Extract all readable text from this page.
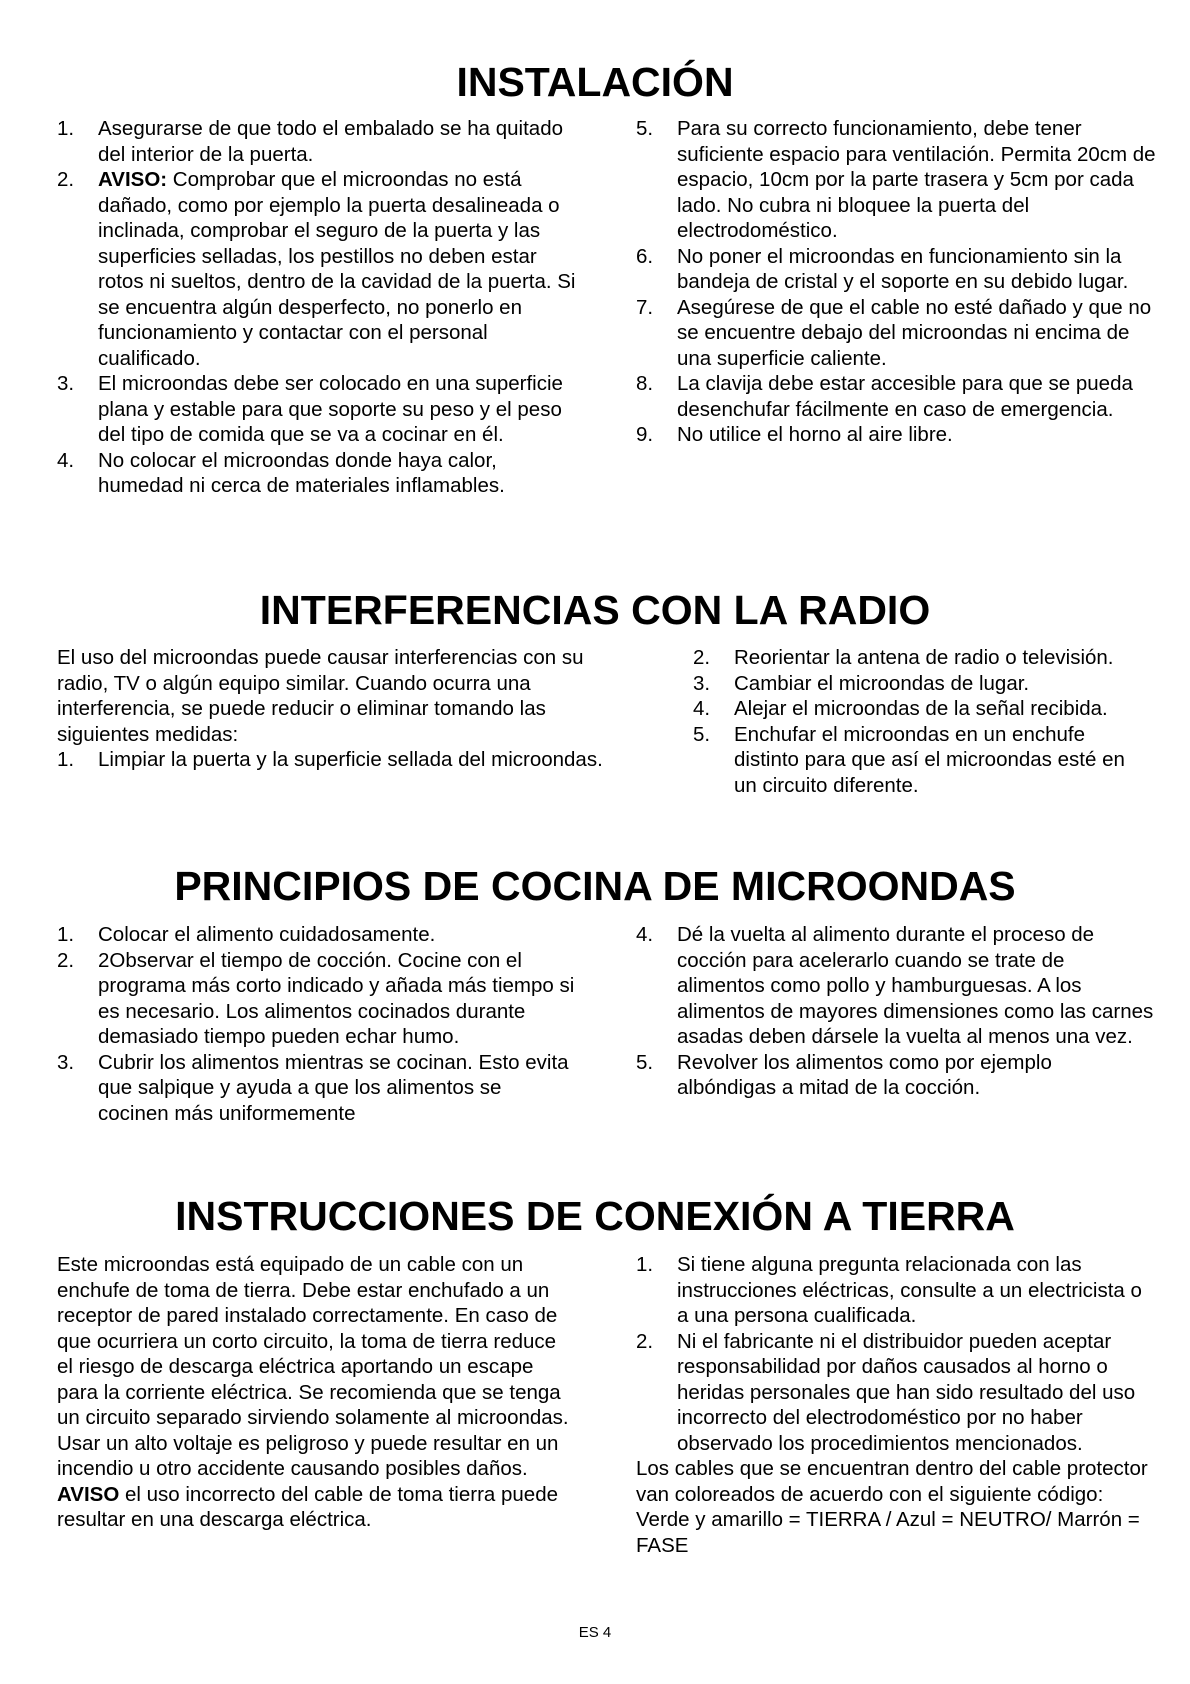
INSTALACIÓN
1. Asegurarse de que todo el embalado se ha quitado del interior de la puerta.
2. AVISO: Comprobar que el microondas no está dañado, como por ejemplo la puerta desalineada o inclinada, comprobar el seguro de la puerta y las superficies selladas, los pestillos no deben estar rotos ni sueltos, dentro de la cavidad de la puerta. Si se encuentra algún desperfecto, no ponerlo en funcionamiento y contactar con el personal cualificado.
3. El microondas debe ser colocado en una superficie plana y estable para que soporte su peso y el peso del tipo de comida que se va a cocinar en él.
4. No colocar el microondas donde haya calor, humedad ni cerca de materiales inflamables.
5. Para su correcto funcionamiento, debe tener suficiente espacio para ventilación. Permita 20cm de espacio, 10cm por la parte trasera y 5cm por cada lado. No cubra ni bloquee la puerta del electrodoméstico.
6. No poner el microondas en funcionamiento sin la bandeja de cristal y el soporte en su debido lugar.
7. Asegúrese de que el cable no esté dañado y que no se encuentre debajo del microondas ni encima de una superficie caliente.
8. La clavija debe estar accesible para que se pueda desenchufar fácilmente en caso de emergencia.
9. No utilice el horno al aire libre.
INTERFERENCIAS CON LA RADIO

El uso del microondas puede causar interferencias con su radio, TV o algún equipo similar. Cuando ocurra una interferencia, se puede reducir o eliminar tomando las siguientes medidas:

1. Limpiar la puerta y la superficie sellada del microondas.
2. Reorientar la antena de radio o televisión.
3. Cambiar el microondas de lugar.
4. Alejar el microondas de la señal recibida.
5. Enchufar el microondas en un enchufe distinto para que así el microondas esté en un circuito diferente.
PRINCIPIOS DE COCINA DE MICROONDAS
1. Colocar el alimento cuidadosamente.
2. 2Observar el tiempo de cocción. Cocine con el programa más corto indicado y añada más tiempo si es necesario. Los alimentos cocinados durante demasiado tiempo pueden echar humo.
3. Cubrir los alimentos mientras se cocinan. Esto evita que salpique y ayuda a que los alimentos se cocinen más uniformemente
4. Dé la vuelta al alimento durante el proceso de cocción para acelerarlo cuando se trate de alimentos como pollo y hamburguesas. A los alimentos de mayores dimensiones como las carnes asadas deben dársele la vuelta al menos una vez.
5. Revolver los alimentos como por ejemplo albóndigas a mitad de la cocción.
INSTRUCCIONES DE CONEXIÓN A TIERRA

Este microondas está equipado de un cable con un enchufe de toma de tierra. Debe estar enchufado a un receptor de pared instalado correctamente. En caso de que ocurriera un corto circuito, la toma de tierra reduce el riesgo de descarga eléctrica aportando un escape para la corriente eléctrica. Se recomienda que se tenga un circuito separado sirviendo solamente al microondas. Usar un alto voltaje es peligroso y puede resultar en un incendio u otro accidente causando posibles daños.

AVISO el uso incorrecto del cable de toma tierra puede resultar en una descarga eléctrica.

1. Si tiene alguna pregunta relacionada con las instrucciones eléctricas, consulte a un electricista o a una persona cualificada.
2. Ni el fabricante ni el distribuidor pueden aceptar responsabilidad por daños causados al horno o heridas personales que han sido resultado del uso incorrecto del electrodoméstico por no haber observado los procedimientos mencionados.

Los cables que se encuentran dentro del cable protector van coloreados de acuerdo con el siguiente código: Verde y amarillo = TIERRA / Azul = NEUTRO/ Marrón = FASE

ES 4
